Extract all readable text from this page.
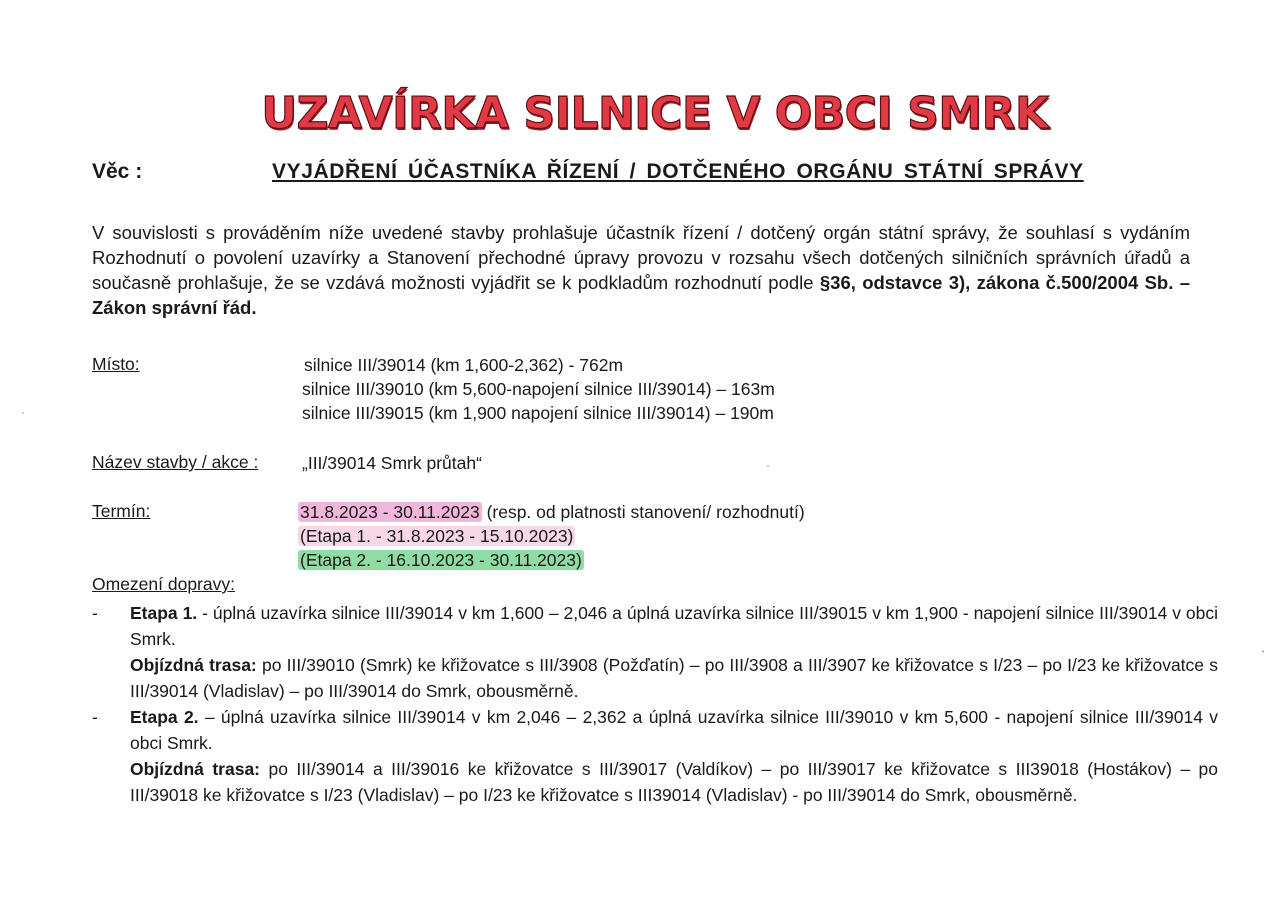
UZAVÍRKA SILNICE V OBCI SMRK
Věc :	VYJÁDŘENÍ ÚČASTNÍKA ŘÍZENÍ / DOTČENÉHO ORGÁNU STÁTNÍ SPRÁVY
V souvislosti s prováděním níže uvedené stavby prohlašuje účastník řízení / dotčený orgán státní správy, že souhlasí s vydáním Rozhodnutí o povolení uzavírky a Stanovení přechodné úpravy provozu v rozsahu všech dotčených silničních správních úřadů a současně prohlašuje, že se vzdává možnosti vyjádřit se k podkladům rozhodnutí podle §36, odstavce 3), zákona č.500/2004 Sb. – Zákon správní řád.
Místo:	silnice III/39014 (km 1,600-2,362) - 762m
silnice III/39010 (km 5,600-napojení silnice III/39014) – 163m
silnice III/39015 (km 1,900 napojení silnice III/39014) – 190m
Název stavby / akce : „III/39014 Smrk průtah“
Termín:	31.8.2023 - 30.11.2023 (resp. od platnosti stanovení/ rozhodnutí)
(Etapa 1. - 31.8.2023 - 15.10.2023)
(Etapa 2. - 16.10.2023 - 30.11.2023)
Omezení dopravy:
- Etapa 1. - úplná uzavírka silnice III/39014 v km 1,600 – 2,046 a úplná uzavírka silnice III/39015 v km 1,900 - napojení silnice III/39014 v obci Smrk.
Objízdná trasa: po III/39010 (Smrk) ke křižovatce s III/3908 (Požďatín) – po III/3908 a III/3907 ke křižovatce s I/23 – po I/23 ke křižovatce s III/39014 (Vladislav) – po III/39014 do Smrk, obousměrně.
- Etapa 2. – úplná uzavírka silnice III/39014 v km 2,046 – 2,362 a úplná uzavírka silnice III/39010 v km 5,600 - napojení silnice III/39014 v obci Smrk.
Objízdná trasa: po III/39014 a III/39016 ke křižovatce s III/39017 (Valdíkov) – po III/39017 ke křižovatce s III39018 (Hostákov) – po III/39018 ke křižovatce s I/23 (Vladislav) – po I/23 ke křižovatce s III39014 (Vladislav) - po III/39014 do Smrk, obousměrně.
